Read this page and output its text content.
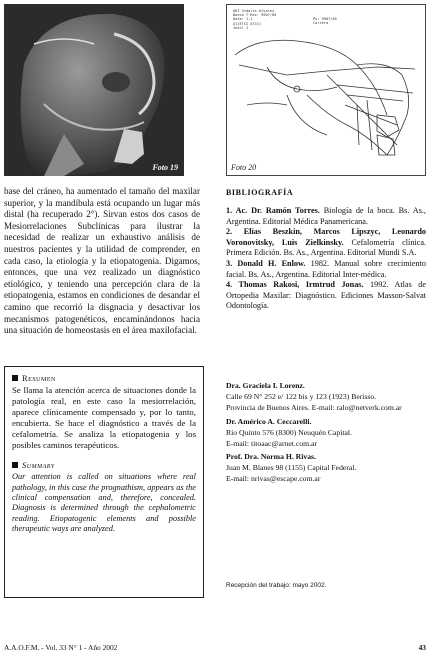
Foto 19
ARI Vidalis Alvarez
Boeco T Rec: 9907/05
Date: 1.1
X1(ETCS ATCS)
Jnerl J
Ps: 9907/05
Carrera
Foto 20

base del cráneo, ha aumentado el tamaño del maxilar superior, y la mandíbula está ocupando un lugar más distal (ha recuperado 2°). Sirvan estos dos casos de Mesiorrelaciones Subclínicas para ilustrar la necesidad de realizar un exhaustivo análisis de nuestros pacientes y la utilidad de comprender, en cada caso, la etiología y la etiopatogenia. Digamos, entonces, que una vez realizado un diagnóstico etiológico, y teniendo una percepción clara de la etiopatogenia, estamos en condiciones de desandar el camino que recorrió la disgnacia y desactivar los mecanismos patogenéticos, encaminándonos hacia una situación de homeostasis en el área maxilofacial.

Resumen

Se llama la atención acerca de situaciones donde la patología real, en este caso la mesiorrelación, aparece clínicamente compensado y, por lo tanto, encubierta. Se hace el diagnóstico a través de la cefalometría. Se analiza la etiopatogenia y los posibles caminos terapéuticos.

Summary

Our attention is called on situations where real pathology, in this case the prognathism, appears as the clinical compensation and, therefore, concealed. Diagnosis is determined through the cephalometric reading. Etiopatogenic elements and possible therapeutic ways are analyzed.

BIBLIOGRAFÍA

1. Ac. Dr. Ramón Torres. Biología de la boca. Bs. As., Argentina. Editorial Médica Panamericana.

2. Elías Beszkin, Marcos Lipszyc, Leonardo Voronovitsky, Luis Zielkinsky. Cefalometría clínica. Primera Edición. Bs. As., Argentina. Editorial Mundi S.A.

3. Donald H. Enlow. 1982. Manual sobre crecimiento facial. Bs. As., Argentina. Editorial Inter-médica.

4. Thomas Rakosi, Irmtrud Jonas. 1992. Atlas de Ortopedia Maxilar: Diagnóstico. Ediciones Masson-Salvat Odontología.

Dra. Graciela I. Lorenz.
Calle 69 N° 252 e/ 122 bis y 123 (1923) Berisso.
Provincia de Buenos Aires. E-mail: ralo@netverk.com.ar
Dr. Américo A. Ceccarelli.
Río Quinto 576 (8300) Neuquén Capital.
E-mail: titoaac@arnet.com.ar
Prof. Dra. Norma H. Rivas.
Juan M. Blanes 98 (1155) Capital Federal.
E-mail: nrivas@escape.com.ar
Recepción del trabajo: mayo 2002.
A.A.O.F.M. - Vol. 33 N° 1 - Año 2002	43
